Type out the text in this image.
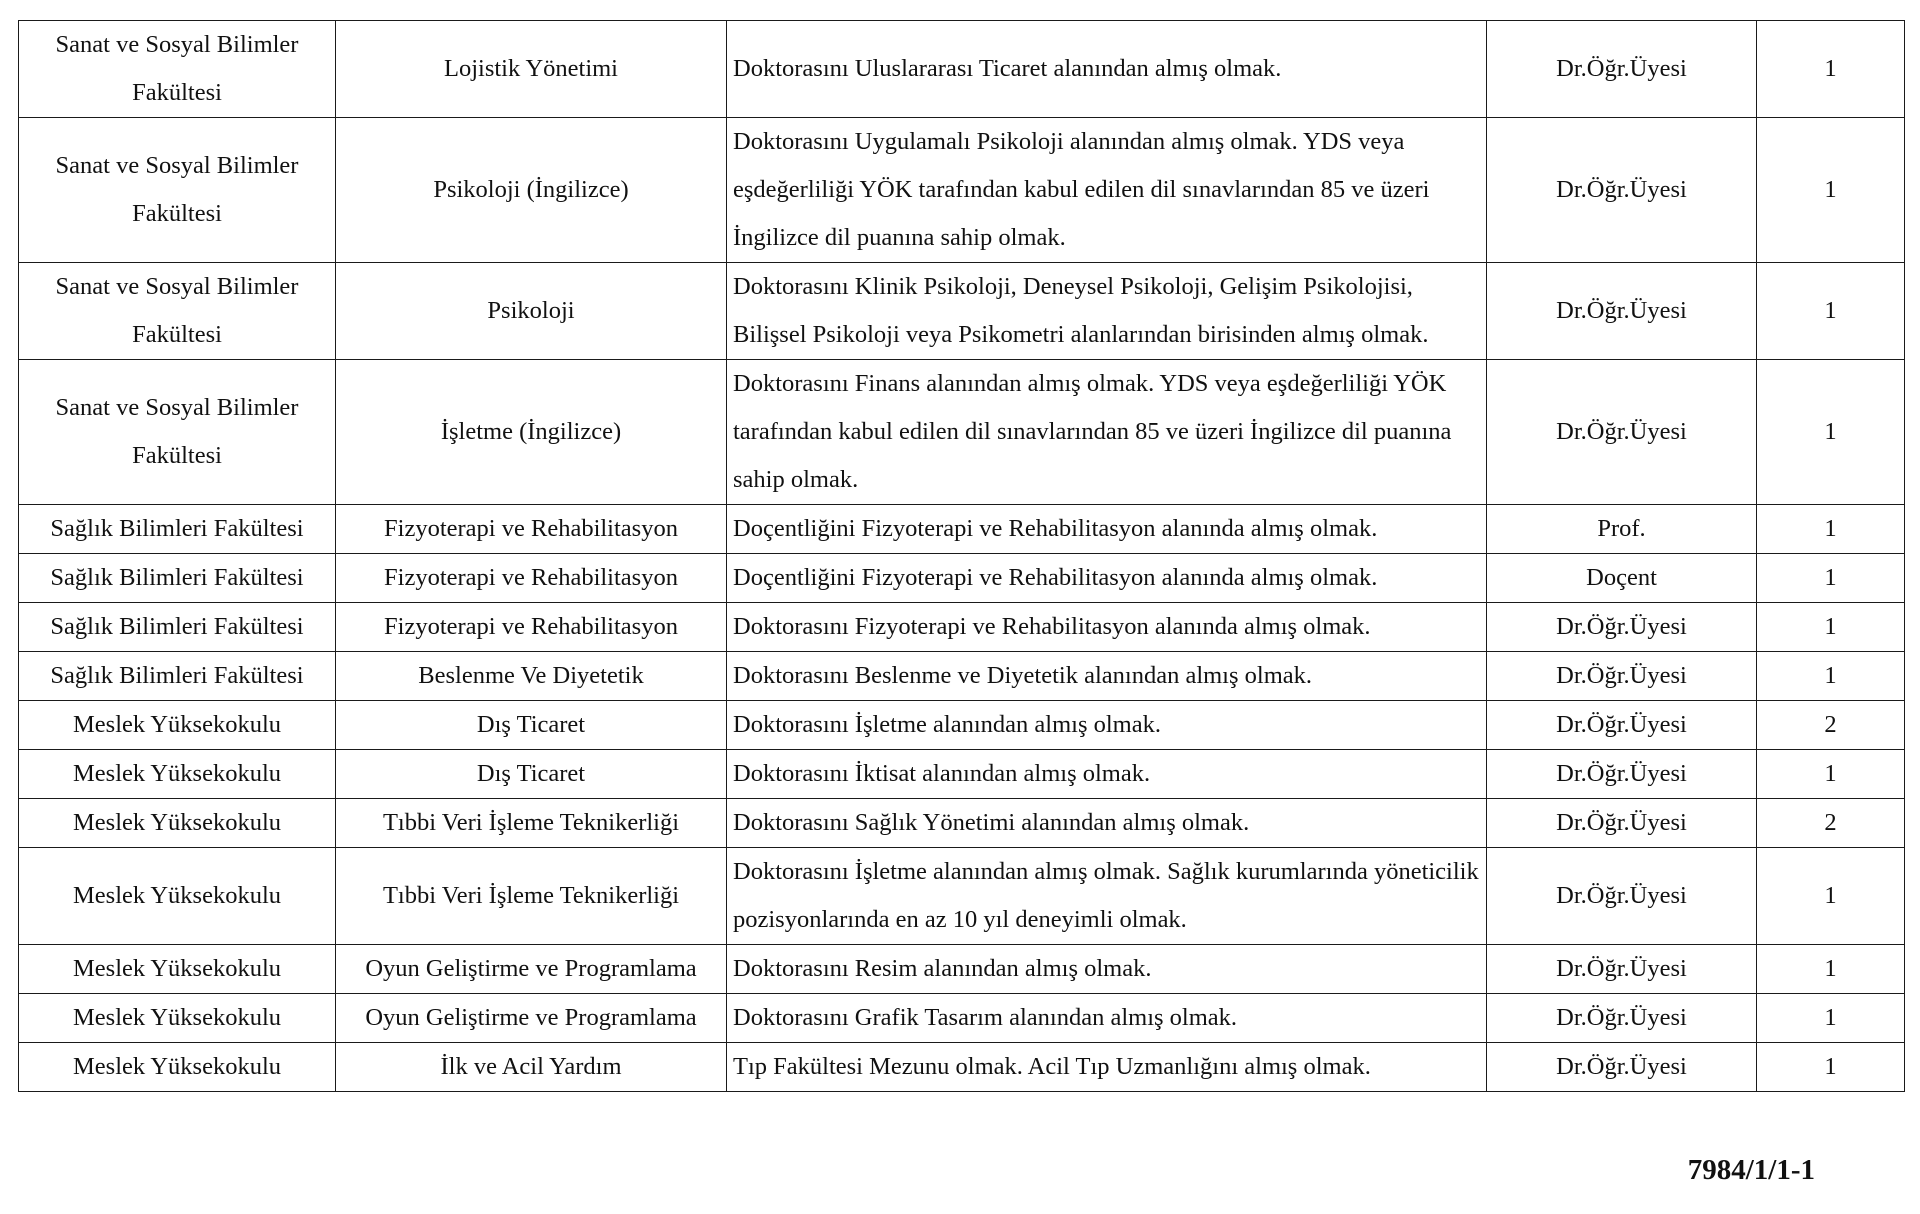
Sanat ve Sosyal Bilimler Fakültesi	Lojistik Yönetimi	Doktorasını Uluslararası Ticaret alanından almış olmak.	Dr.Öğr.Üyesi	1
Sanat ve Sosyal Bilimler Fakültesi	Psikoloji (İngilizce)	Doktorasını Uygulamalı Psikoloji alanından almış olmak. YDS veya eşdeğerliliği YÖK tarafından kabul edilen dil sınavlarından 85 ve üzeri İngilizce dil puanına sahip olmak.	Dr.Öğr.Üyesi	1
Sanat ve Sosyal Bilimler Fakültesi	Psikoloji	Doktorasını Klinik Psikoloji, Deneysel Psikoloji, Gelişim Psikolojisi, Bilişsel Psikoloji veya Psikometri alanlarından birisinden almış olmak.	Dr.Öğr.Üyesi	1
Sanat ve Sosyal Bilimler Fakültesi	İşletme (İngilizce)	Doktorasını Finans alanından almış olmak. YDS veya eşdeğerliliği YÖK tarafından kabul edilen dil sınavlarından 85 ve üzeri İngilizce dil puanına sahip olmak.	Dr.Öğr.Üyesi	1
Sağlık Bilimleri Fakültesi	Fizyoterapi ve Rehabilitasyon	Doçentliğini Fizyoterapi ve Rehabilitasyon alanında almış olmak.	Prof.	1
Sağlık Bilimleri Fakültesi	Fizyoterapi ve Rehabilitasyon	Doçentliğini Fizyoterapi ve Rehabilitasyon alanında almış olmak.	Doçent	1
Sağlık Bilimleri Fakültesi	Fizyoterapi ve Rehabilitasyon	Doktorasını Fizyoterapi ve Rehabilitasyon alanında almış olmak.	Dr.Öğr.Üyesi	1
Sağlık Bilimleri Fakültesi	Beslenme Ve Diyetetik	Doktorasını Beslenme ve Diyetetik alanından almış olmak.	Dr.Öğr.Üyesi	1
Meslek Yüksekokulu	Dış Ticaret	Doktorasını İşletme alanından almış olmak.	Dr.Öğr.Üyesi	2
Meslek Yüksekokulu	Dış Ticaret	Doktorasını İktisat alanından almış olmak.	Dr.Öğr.Üyesi	1
Meslek Yüksekokulu	Tıbbi Veri İşleme Teknikerliği	Doktorasını Sağlık Yönetimi alanından almış olmak.	Dr.Öğr.Üyesi	2
Meslek Yüksekokulu	Tıbbi Veri İşleme Teknikerliği	Doktorasını İşletme alanından almış olmak. Sağlık kurumlarında yöneticilik pozisyonlarında en az 10 yıl deneyimli olmak.	Dr.Öğr.Üyesi	1
Meslek Yüksekokulu	Oyun Geliştirme ve Programlama	Doktorasını Resim alanından almış olmak.	Dr.Öğr.Üyesi	1
Meslek Yüksekokulu	Oyun Geliştirme ve Programlama	Doktorasını Grafik Tasarım alanından almış olmak.	Dr.Öğr.Üyesi	1
Meslek Yüksekokulu	İlk ve Acil Yardım	Tıp Fakültesi Mezunu olmak. Acil Tıp Uzmanlığını almış olmak.	Dr.Öğr.Üyesi	1
7984/1/1-1
